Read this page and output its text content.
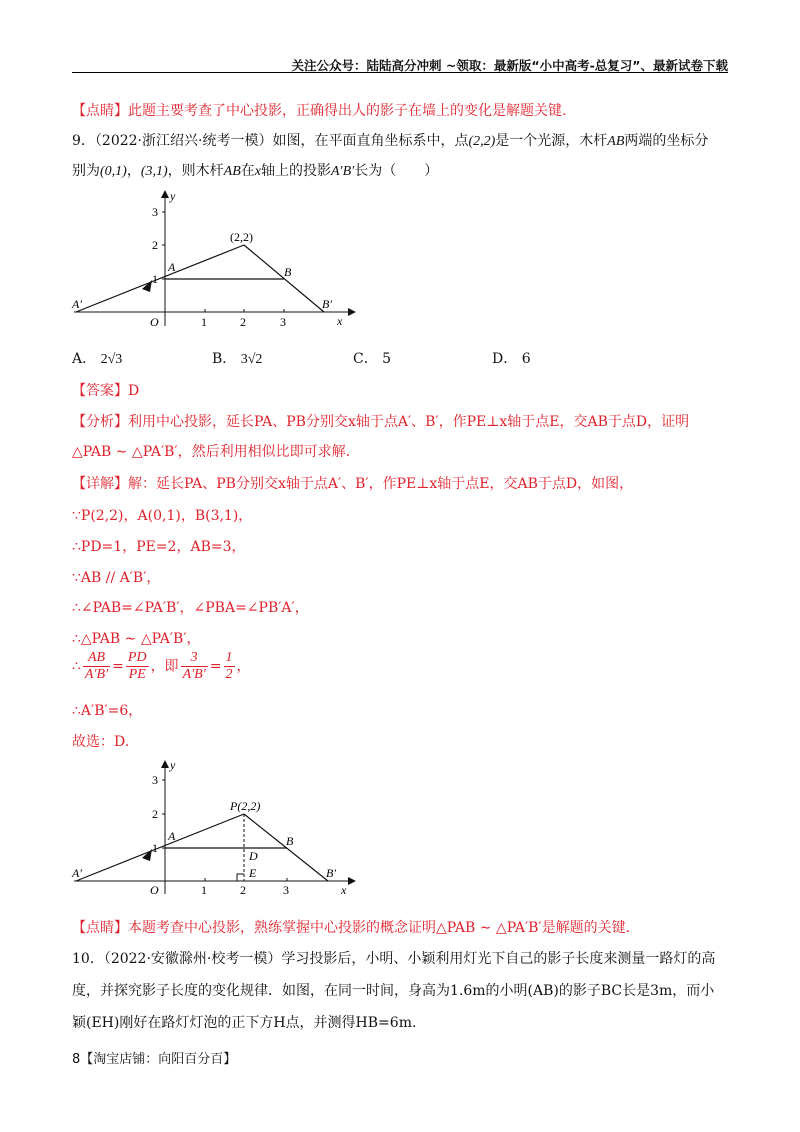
关注公众号：陆陆高分冲刺 ~领取：最新版“小中高考-总复习”、最新试卷下载
【点睛】此题主要考查了中心投影，正确得出人的影子在墙上的变化是解题关键.
9．（2022·浙江绍兴·统考一模）如图，在平面直角坐标系中，点(2,2)是一个光源，木杆AB两端的坐标分
别为(0,1)，(3,1)，则木杆AB在x轴上的投影A′B′长为（　　）
1
2
3
1	2	3	x
y
O
(2,2)
A	B
A′	B′
A． 2√3	B． 3√2	C． 5	D． 6
【答案】D
【分析】利用中心投影，延长PA、PB分别交x轴于点A′、B′，作PE⊥x轴于点E，交AB于点D，证明
△PAB ∼ △PA′B′，然后利用相似比即可求解.
【详解】解：延长PA、PB分别交x轴于点A′、B′，作PE⊥x轴于点E，交AB于点D，如图，
∵P(2,2)，A(0,1)，B(3,1)，
∴PD=1，PE=2，AB=3，
∵AB // A′B′，
∴∠PAB=∠PA′B′，∠PBA=∠PB′A′，
∴△PAB ∼ △PA′B′，
∴ $\frac{AB}{A'B'} = \frac{PD}{PE}$ ，即 $\frac{3}{A'B'} = \frac{1}{2}$ ，
∴A′B′=6，
故选：D.
1
2
3
1	2	3	x
y
O
P(2,2)
A	B
D
E
A′	B′
【点睛】本题考查中心投影，熟练掌握中心投影的概念证明△PAB ∼ △PA′B′是解题的关键.
10．（2022·安徽滁州·校考一模）学习投影后，小明、小颖利用灯光下自己的影子长度来测量一路灯的高
度，并探究影子长度的变化规律．如图，在同一时间，身高为1.6m的小明(AB)的影子BC长是3m，而小
颖(EH)刚好在路灯灯泡的正下方H点，并测得HB=6m.
8【淘宝店铺：向阳百分百】
